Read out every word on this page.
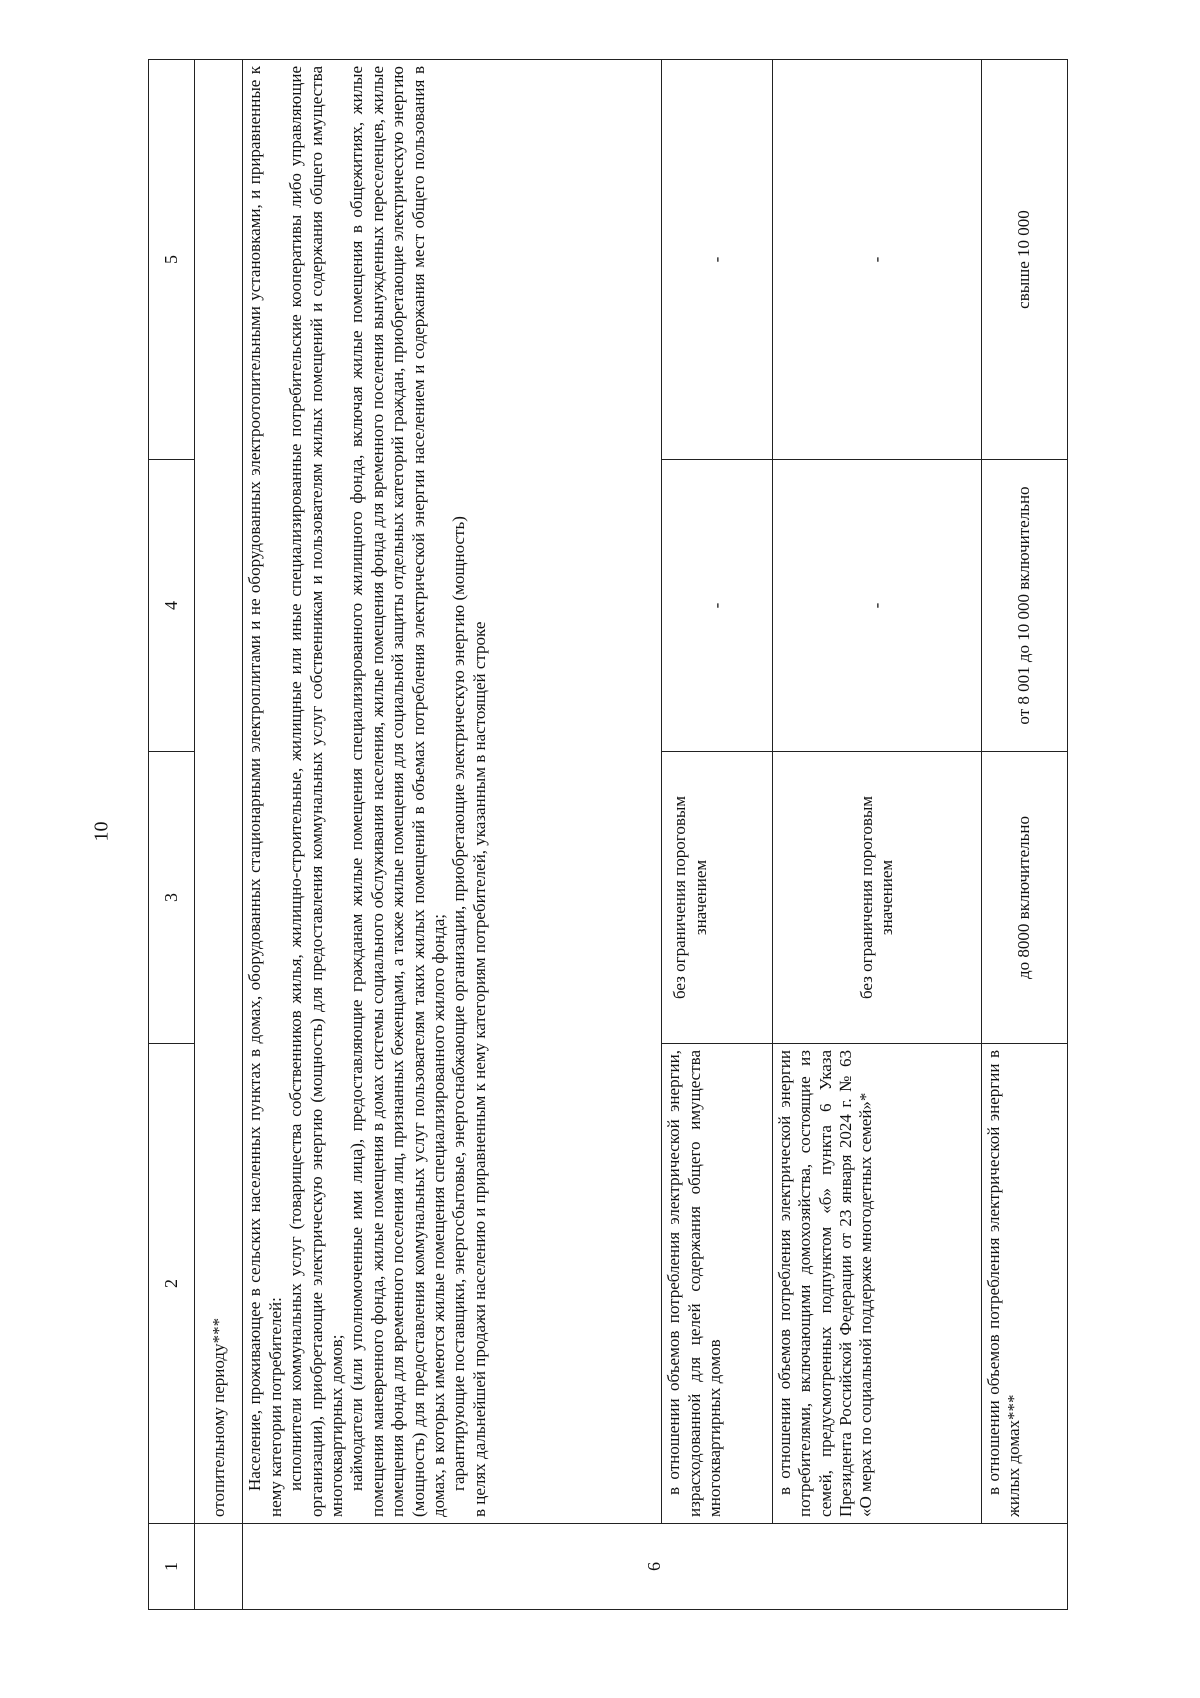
10
1	2	3	4	5
	отопительному периоду***			
6	Население, проживающее в сельских населенных пунктах в домах, оборудованных стационарными электроплитами и не оборудованных электроотопительными установками, и приравненные к нему категории потребителей: исполнители коммунальных услуг (товарищества собственников жилья, жилищно-строительные, жилищные или иные специализированные потребительские кооперативы либо управляющие организации), приобретающие электрическую энергию (мощность) для предоставления коммунальных услуг собственникам и пользователям жилых помещений и содержания общего имущества многоквартирных домов; наймодатели (или уполномоченные ими лица), предоставляющие гражданам жилые помещения специализированного жилищного фонда, включая жилые помещения в общежитиях, жилые помещения маневренного фонда, жилые помещения в домах системы социального обслуживания населения, жилые помещения фонда для временного поселения вынужденных переселенцев, жилые помещения фонда для временного поселения лиц, признанных беженцами, а также жилые помещения для социальной защиты отдельных категорий граждан, приобретающие электрическую энергию (мощность) для предоставления коммунальных услуг пользователям таких жилых помещений в объемах потребления электрической энергии населением и содержания мест общего пользования в домах, в которых имеются жилые помещения специализированного жилого фонда; гарантирующие поставщики, энергосбытовые, энергоснабжающие организации, приобретающие электрическую энергию (мощность) в целях дальнейшей продажи населению и приравненным к нему категориям потребителей, указанным в настоящей строке			

	в отношении объемов потребления электрической энергии, израсходованной для целей содержания общего имущества многоквартирных домов	без ограничения пороговым значением	-	-
	в отношении объемов потребления электрической энергии потребителями, включающими домохозяйства, состоящие из семей, предусмотренных подпунктом «б» пункта 6 Указа Президента Российской Федерации от 23 января 2024 г. № 63 «О мерах по социальной поддержке многодетных семей»*	без ограничения пороговым значением	-	-
	в отношении объемов потребления электрической энергии в жилых домах***	до 8000 включительно	от 8 001 до 10 000 включительно	свыше 10 000
